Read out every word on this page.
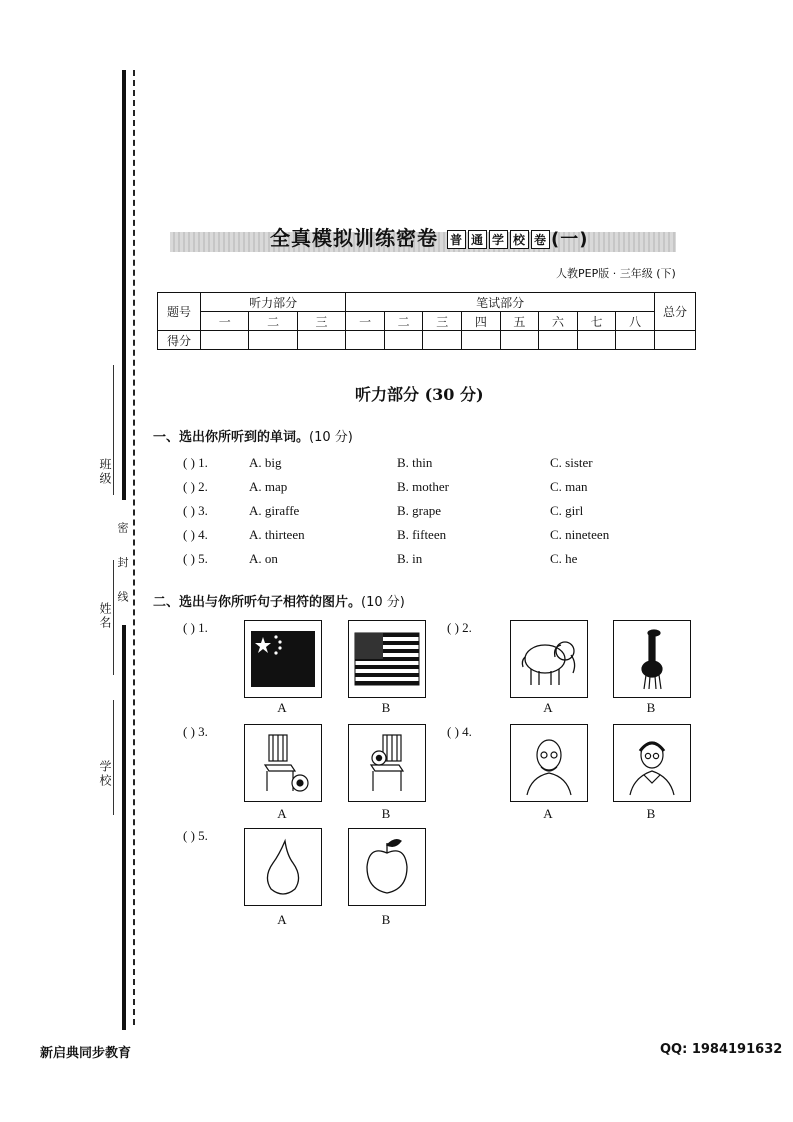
班级
姓名
学校
密 封 线
全真模拟训练密卷 普 通 学 校 卷 (一)
人教PEP版 · 三年级 (下)
题号	听力部分			笔试部分								总分
	一	二	三	一	二	三	四	五	六	七	八	
得分												
听力部分 (30 分)
一、选出你所听到的单词。(10 分)
( ) 1.	A. big	B. thin	C. sister
( ) 2.	A. map	B. mother	C. man
( ) 3.	A. giraffe	B. grape	C. girl
( ) 4.	A. thirteen	B. fifteen	C. nineteen
( ) 5.	A. on	B. in	C. he
二、选出与你所听句子相符的图片。(10 分)
( ) 1.
A	B
( ) 2.
A	B
( ) 3.
A	B
( ) 4.
A	B
( ) 5.
A	B
新启典同步教育	QQ: 1984191632
